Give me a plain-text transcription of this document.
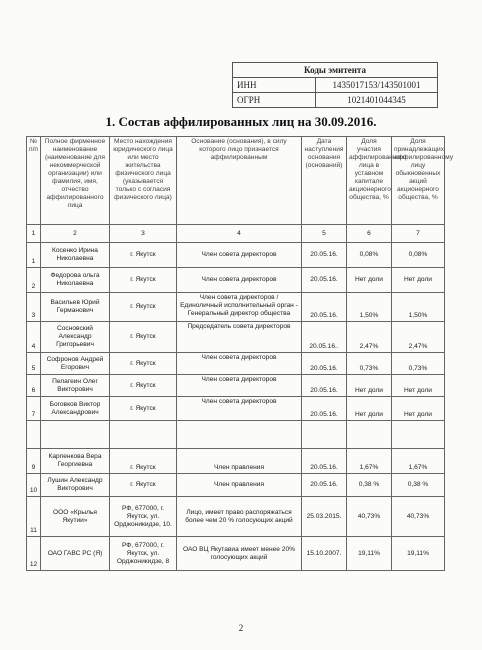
Коды эмитента	
ИНН	1435017153/143501001
ОГРН	1021401044345
1. Состав аффилированных лиц на 30.09.2016.
№ п/п	Полное фирменное наименование (наименование для некоммерческой организации) или фамилия, имя, отчество аффилированного лица	Место нахождения юридического лица или место жительства физического лица (указывается только с согласия физического лица)	Основание (основания), в силу которого лицо признается аффилированным	Дата наступления основания (оснований)	Доля участия аффилированного лица в уставном капитале акционерного общества, %	Доля принадлежащих аффилированному лицу обыкновенных акций акционерного общества, %
1	2	3	4	5	6	7
1	Косенко Ирина Николаевна	г. Якутск	Член совета директоров	20.05.16.	0,08%	0,08%
2	Федорова ольга Николаевна	г. Якутск	Член совета директоров	20.05.16.	Нет доли	Нет доли
3	Васильев Юрий Германович	г. Якутск	Член совета директоров / Единоличный исполнительный орган - Генеральный директор общества	20.05.16.	1,50%	1,50%
4	Сосновский Александр Григорьевич	г. Якутск	Председатель совета директоров	20.05.16..	2,47%	2,47%
5	Софронов Андрей Егорович	г. Якутск	Член совета директоров	20.05.16.	0,73%	0,73%
6	Пелагеин Олег Викторович	г. Якутск	Член совета директоров	20.05.16.	Нет доли	Нет доли
7	Боговков Виктор Александрович	г. Якутск	Член совета директоров	20.05.16.	Нет доли	Нет доли

9	Карпенкова Вера Георгиевна	г. Якутск	Член правления	20.05.16.	1,67%	1,67%
10	Лушин Александр Викторович	г. Якутск	Член правления	20.05.16.	0,38 %	0,38 %
11	ООО «Крылья Якутии»	РФ, 677000, г. Якутск, ул. Орджоникидзе, 10.	Лицо, имеет право распоряжаться более чем 20 % голосующих акций	25.03.2015.	40,73%	40,73%
12	ОАО ГАВС РС (Я)	РФ, 677000, г. Якутск, ул. Орджоникидзе, 8	ОАО ВЦ Якутавиа имеет менее 20% голосующих акций	15.10.2007.	19,11%	19,11%
2
